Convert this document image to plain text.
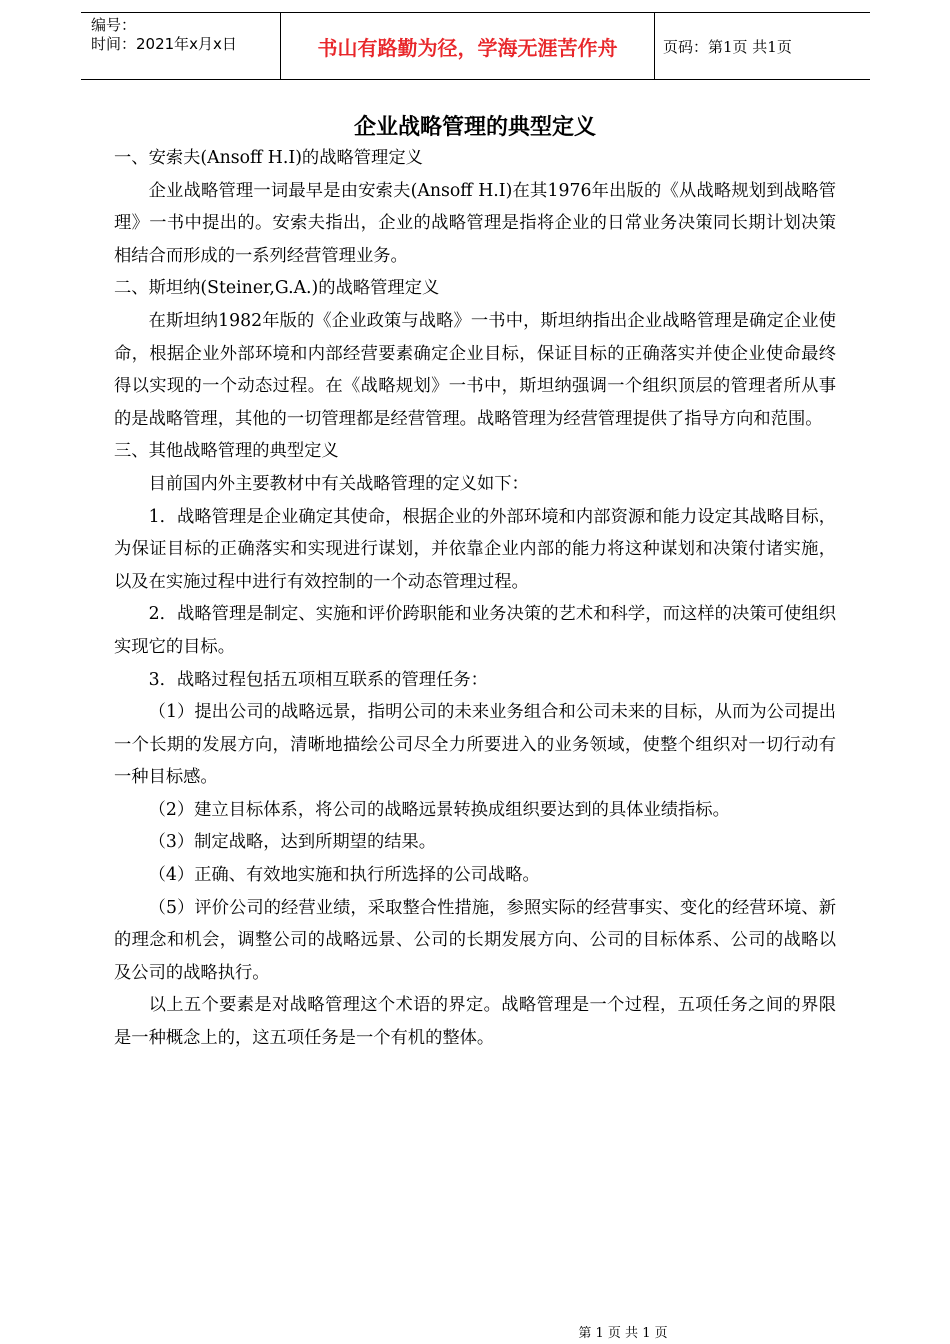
编号：
时间：2021年x月x日	书山有路勤为径，学海无涯苦作舟	页码：第1页 共1页
企业战略管理的典型定义

一、安索夫(Ansoff H.I)的战略管理定义

企业战略管理一词最早是由安索夫(Ansoff H.I)在其1976年出版的《从战略规划到战略管理》一书中提出的。安索夫指出，企业的战略管理是指将企业的日常业务决策同长期计划决策相结合而形成的一系列经营管理业务。

二、斯坦纳(Steiner,G.A.)的战略管理定义

在斯坦纳1982年版的《企业政策与战略》一书中，斯坦纳指出企业战略管理是确定企业使命，根据企业外部环境和内部经营要素确定企业目标，保证目标的正确落实并使企业使命最终得以实现的一个动态过程。在《战略规划》一书中，斯坦纳强调一个组织顶层的管理者所从事的是战略管理，其他的一切管理都是经营管理。战略管理为经营管理提供了指导方向和范围。

三、其他战略管理的典型定义

目前国内外主要教材中有关战略管理的定义如下：

1．战略管理是企业确定其使命，根据企业的外部环境和内部资源和能力设定其战略目标，为保证目标的正确落实和实现进行谋划，并依靠企业内部的能力将这种谋划和决策付诸实施，以及在实施过程中进行有效控制的一个动态管理过程。

2．战略管理是制定、实施和评价跨职能和业务决策的艺术和科学，而这样的决策可使组织实现它的目标。

3．战略过程包括五项相互联系的管理任务：

（1）提出公司的战略远景，指明公司的未来业务组合和公司未来的目标，从而为公司提出一个长期的发展方向，清晰地描绘公司尽全力所要进入的业务领域，使整个组织对一切行动有一种目标感。

（2）建立目标体系，将公司的战略远景转换成组织要达到的具体业绩指标。

（3）制定战略，达到所期望的结果。

（4）正确、有效地实施和执行所选择的公司战略。

（5）评价公司的经营业绩，采取整合性措施，参照实际的经营事实、变化的经营环境、新的理念和机会，调整公司的战略远景、公司的长期发展方向、公司的目标体系、公司的战略以及公司的战略执行。

以上五个要素是对战略管理这个术语的界定。战略管理是一个过程，五项任务之间的界限是一种概念上的，这五项任务是一个有机的整体。

第 1 页 共 1 页
